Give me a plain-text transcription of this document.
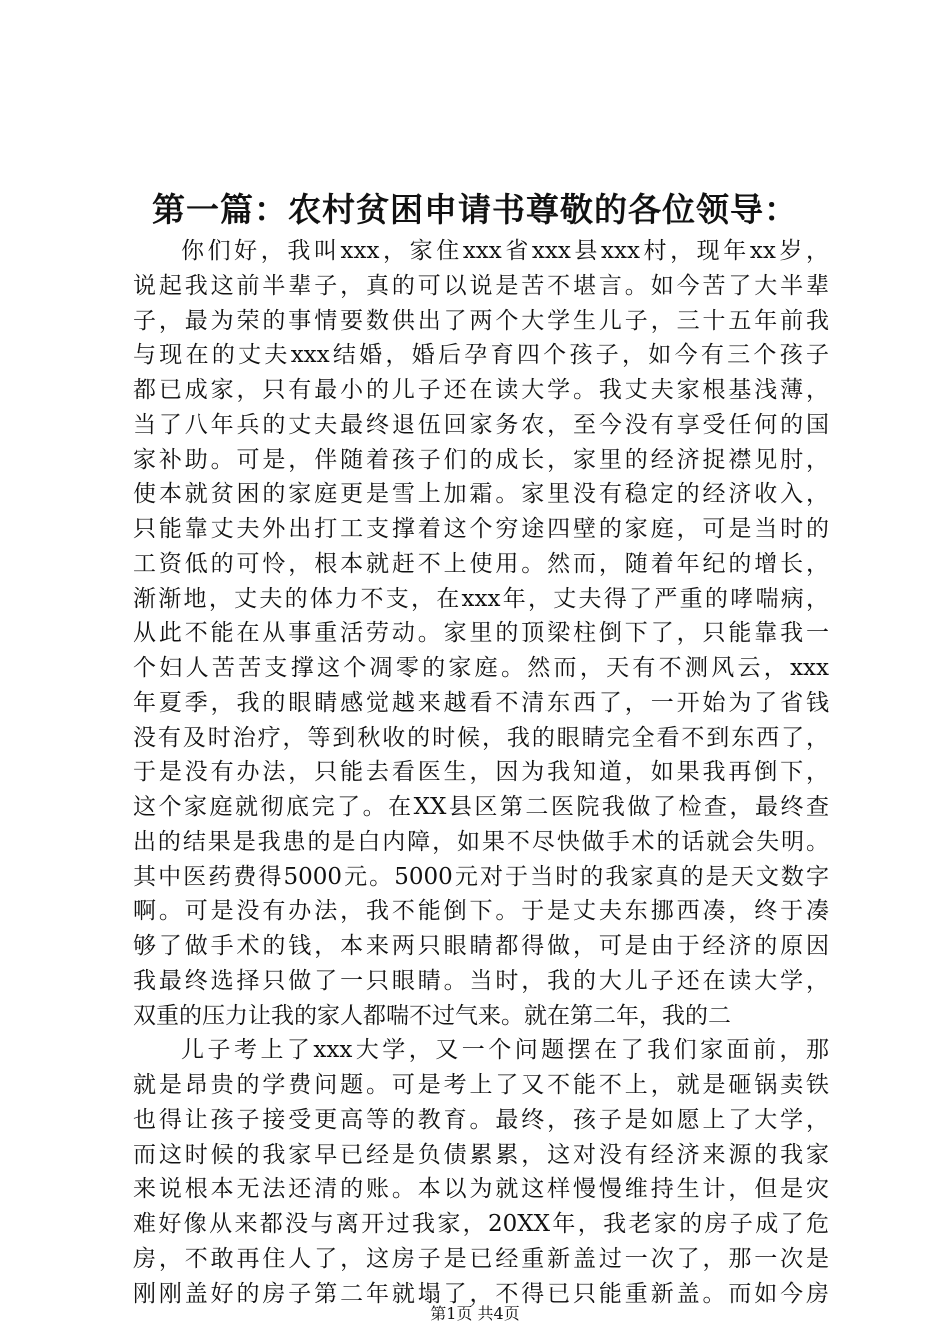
第一篇：农村贫困申请书尊敬的各位领导：
你们好，我叫xxx，家住xxx省xxx县xxx村，现年xx岁，
说起我这前半辈子，真的可以说是苦不堪言。如今苦了大半辈
子，最为荣的事情要数供出了两个大学生儿子，三十五年前我
与现在的丈夫xxx结婚，婚后孕育四个孩子，如今有三个孩子
都已成家，只有最小的儿子还在读大学。我丈夫家根基浅薄，
当了八年兵的丈夫最终退伍回家务农，至今没有享受任何的国
家补助。可是，伴随着孩子们的成长，家里的经济捉襟见肘，
使本就贫困的家庭更是雪上加霜。家里没有稳定的经济收入，
只能靠丈夫外出打工支撑着这个穷途四壁的家庭，可是当时的
工资低的可怜，根本就赶不上使用。然而，随着年纪的增长，
渐渐地，丈夫的体力不支，在xxx年，丈夫得了严重的哮喘病，
从此不能在从事重活劳动。家里的顶梁柱倒下了，只能靠我一
个妇人苦苦支撑这个凋零的家庭。然而，天有不测风云，xxx
年夏季，我的眼睛感觉越来越看不清东西了，一开始为了省钱
没有及时治疗，等到秋收的时候，我的眼睛完全看不到东西了，
于是没有办法，只能去看医生，因为我知道，如果我再倒下，
这个家庭就彻底完了。在XX县区第二医院我做了检查，最终查
出的结果是我患的是白内障，如果不尽快做手术的话就会失明。
其中医药费得5000元。5000元对于当时的我家真的是天文数字
啊。可是没有办法，我不能倒下。于是丈夫东挪西凑，终于凑
够了做手术的钱，本来两只眼睛都得做，可是由于经济的原因
我最终选择只做了一只眼睛。当时，我的大儿子还在读大学，
双重的压力让我的家人都喘不过气来。就在第二年，我的二
儿子考上了xxx大学，又一个问题摆在了我们家面前，那
就是昂贵的学费问题。可是考上了又不能不上，就是砸锅卖铁
也得让孩子接受更高等的教育。最终，孩子是如愿上了大学，
而这时候的我家早已经是负债累累，这对没有经济来源的我家
来说根本无法还清的账。本以为就这样慢慢维持生计，但是灾
难好像从来都没与离开过我家，20XX年，我老家的房子成了危
房，不敢再住人了，这房子是已经重新盖过一次了，那一次是
刚刚盖好的房子第二年就塌了，不得已只能重新盖。而如今房
第1页 共4页
